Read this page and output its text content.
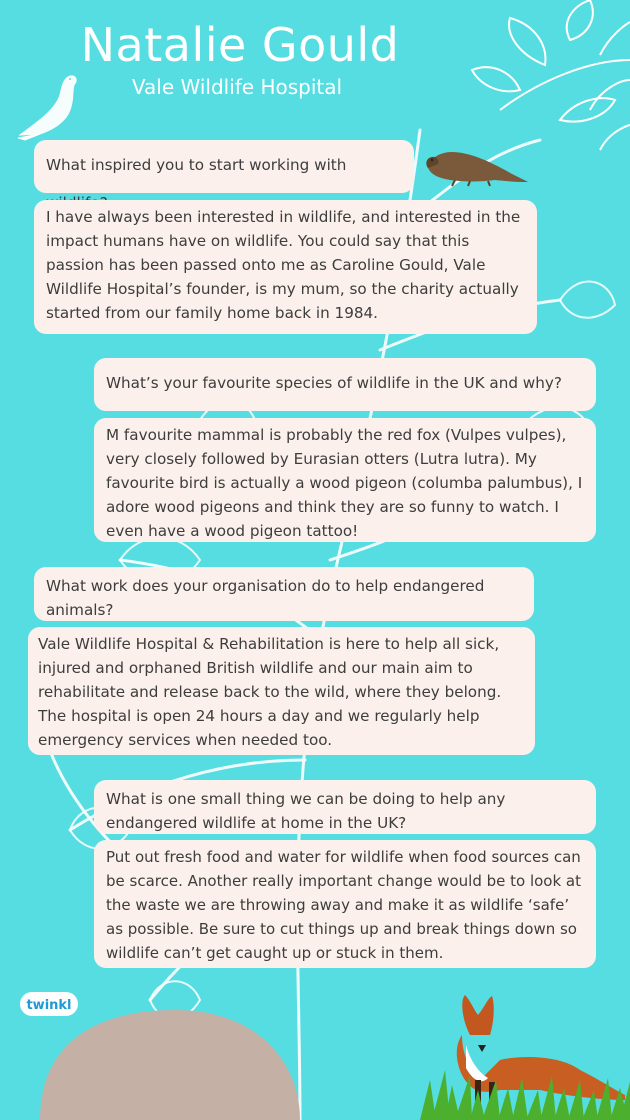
Natalie Gould

Vale Wildlife Hospital

What inspired you to start working with
I have always been interested in wildlife, and interested in the impact humans have on wildlife. You could say that this passion has been passed onto me as Caroline Gould, Vale Wildlife Hospital’s founder, is my mum, so the charity actually started from our family home back in 1984.
What’s your favourite species of wildlife in the UK and why?
M favourite mammal is probably the red fox (Vulpes vulpes), very closely followed by Eurasian otters (Lutra lutra). My favourite bird is actually a wood pigeon (columba palumbus), I adore wood pigeons and think they are so funny to watch. I even have a wood pigeon tattoo!
What work does your organisation do to help endangered animals?
Vale Wildlife Hospital & Rehabilitation is here to help all sick, injured and orphaned British wildlife and our main aim to rehabilitate and release back to the wild, where they belong. The hospital is open 24 hours a day and we regularly help emergency services when needed too.
What is one small thing we can be doing to help any endangered wildlife at home in the UK?
Put out fresh food and water for wildlife when food sources can be scarce. Another really important change would be to look at the waste we are throwing away and make it as wildlife ‘safe’ as possible. Be sure to cut things up and break things down so wildlife can’t get caught up or stuck in them.
twinkl
